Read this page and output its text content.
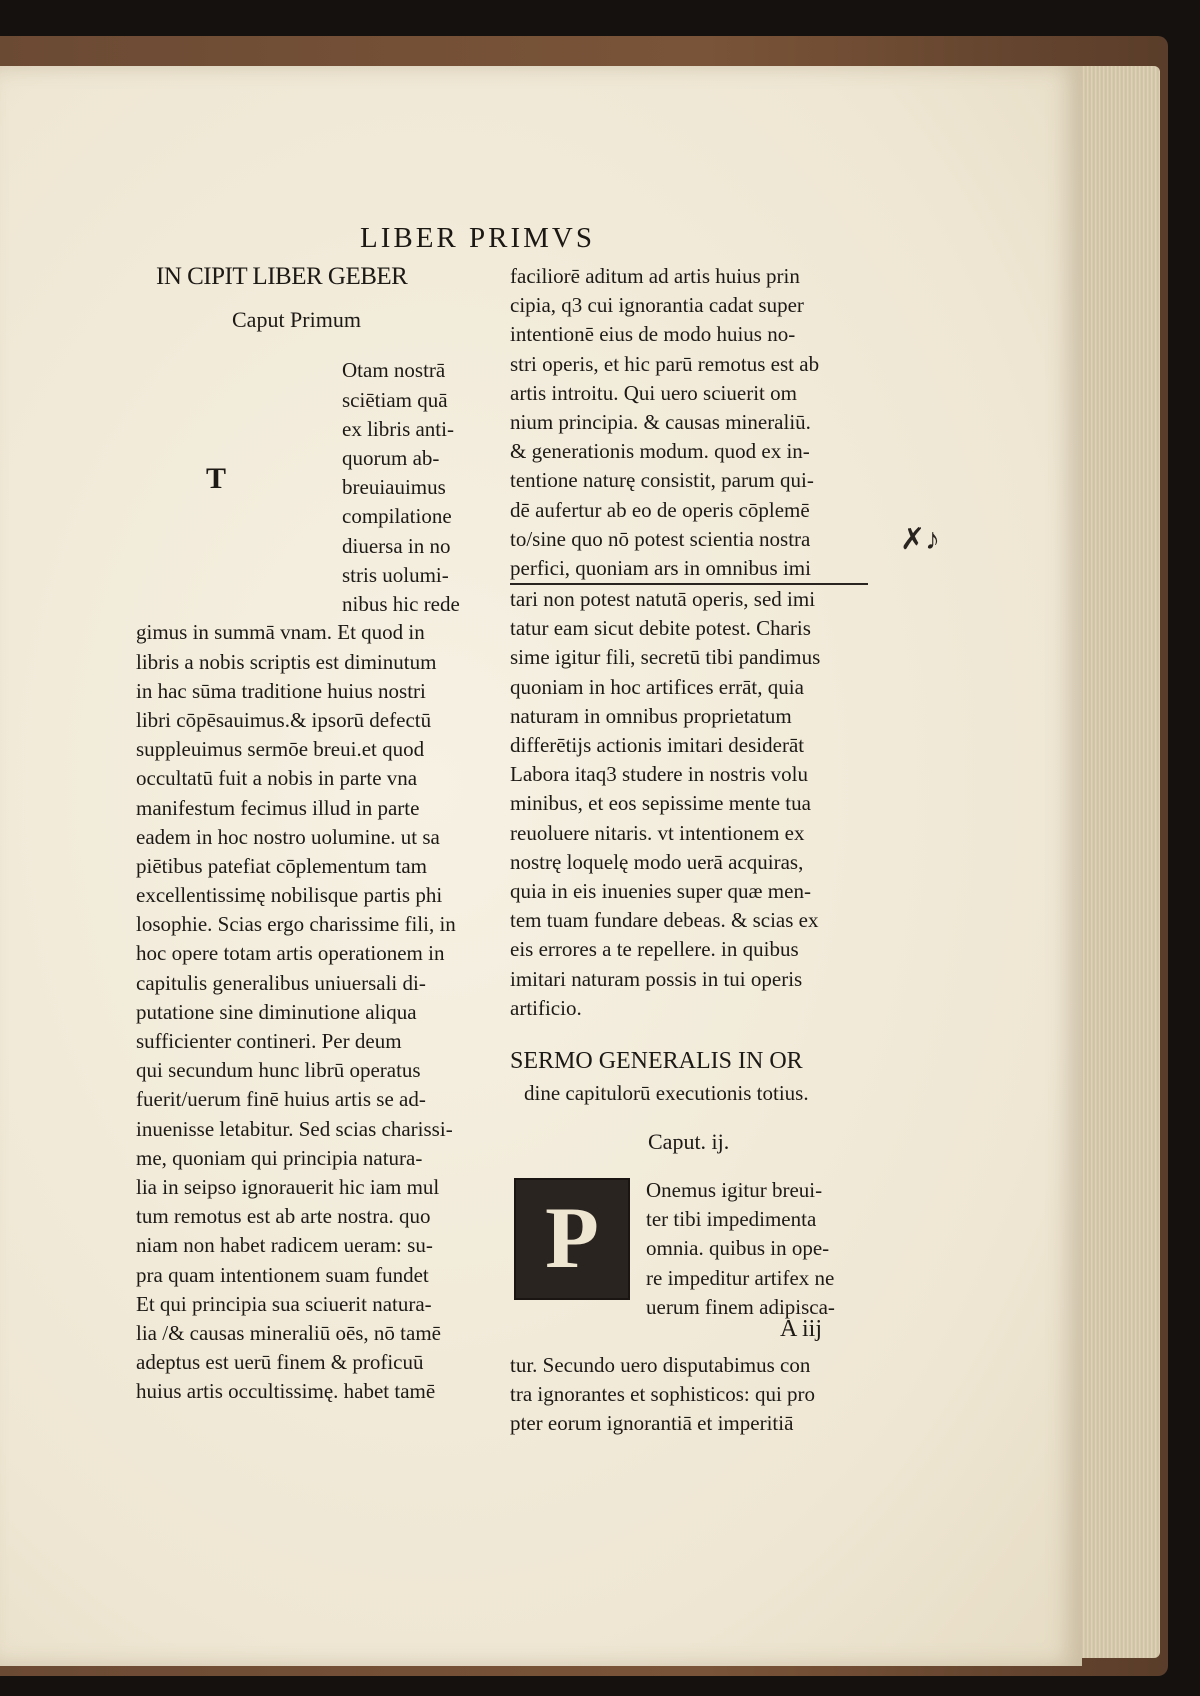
LIBER PRIMVS
IN CIPIT LIBER GEBER
Caput Primum
T
Otam nostrā
sciētiam quā
ex libris anti-
quorum ab-
breuiauimus
compilatione
diuersa in no
stris uolumi-
nibus hic rede
gimus in summā vnam. Et quod in
libris a nobis scriptis est diminutum
in hac sūma traditione huius nostri
libri cōpēsauimus.& ipsorū defectū
suppleuimus sermōe breui.et quod
occultatū fuit a nobis in parte vna
manifestum fecimus illud in parte
eadem in hoc nostro uolumine. ut sa
piētibus patefiat cōplementum tam
excellentissimę nobilisque partis phi
losophie. Scias ergo charissime fili, in
hoc opere totam artis operationem in
capitulis generalibus uniuersali di-
putatione sine diminutione aliqua
sufficienter contineri. Per deum
qui secundum hunc librū operatus
fuerit/uerum finē huius artis se ad-
inuenisse letabitur. Sed scias charissi-
me, quoniam qui principia natura-
lia in seipso ignorauerit hic iam mul
tum remotus est ab arte nostra. quo
niam non habet radicem ueram: su-
pra quam intentionem suam fundet
Et qui principia sua sciuerit natura-
lia /& causas mineraliū oēs, nō tamē
adeptus est uerū finem & proficuū
huius artis occultissimę. habet tamē
faciliorē aditum ad artis huius prin
cipia, q3 cui ignorantia cadat super
intentionē eius de modo huius no-
stri operis, et hic parū remotus est ab
artis introitu. Qui uero sciuerit om
nium principia. & causas mineraliū.
& generationis modum. quod ex in-
tentione naturę consistit, parum qui-
dē aufertur ab eo de operis cōplemē
to/sine quo nō potest scientia nostra
perfici, quoniam ars in omnibus imi
tari non potest natutā operis, sed imi
tatur eam sicut debite potest. Charis
sime igitur fili, secretū tibi pandimus
quoniam in hoc artifices errāt, quia
naturam in omnibus proprietatum
differētijs actionis imitari desiderāt
Labora itaq3 studere in nostris volu
minibus, et eos sepissime mente tua
reuoluere nitaris. vt intentionem ex
nostrę loquelę modo uerā acquiras,
quia in eis inuenies super quæ men-
tem tuam fundare debeas. & scias ex
eis errores a te repellere. in quibus
imitari naturam possis in tui operis
artificio.
SERMO GENERALIS IN OR
dine capitulorū executionis totius.
Caput. ij.
P
Onemus igitur breui-
ter tibi impedimenta
omnia. quibus in ope-
re impeditur artifex ne
uerum finem adipisca-
tur. Secundo uero disputabimus con
tra ignorantes et sophisticos: qui pro
pter eorum ignorantiā et imperitiā
✗♪
A iij
